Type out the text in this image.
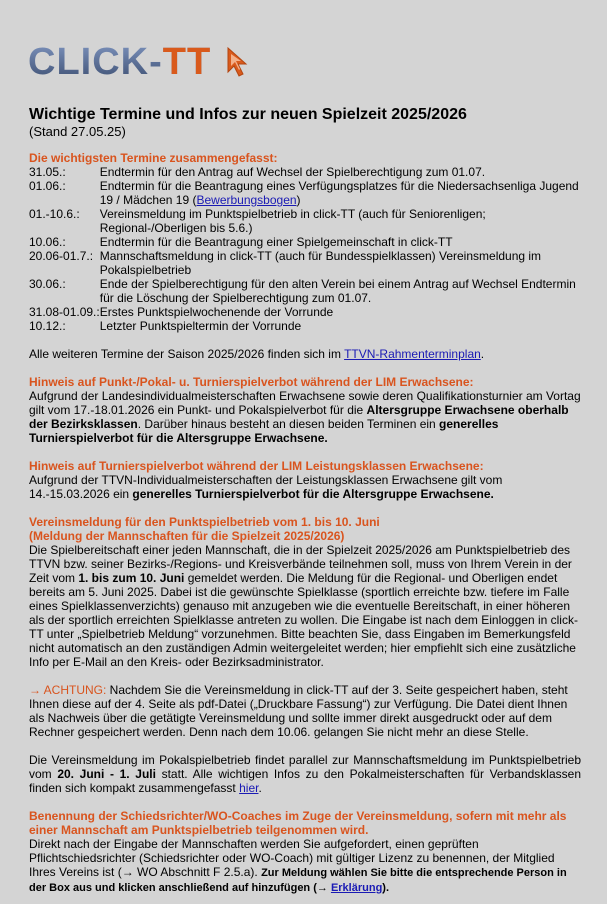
CLICK-TT
Wichtige Termine und Infos zur neuen Spielzeit 2025/2026

(Stand 27.05.25)

Die wichtigsten Termine zusammengefasst:

31.05.:	Endtermin für den Antrag auf Wechsel der Spielberechtigung zum 01.07.
01.06.:	Endtermin für die Beantragung eines Verfügungsplatzes für die Niedersachsenliga Jugend 19 / Mädchen 19 (Bewerbungsbogen)
01.-10.6.:	Vereinsmeldung im Punktspielbetrieb in click-TT (auch für Seniorenligen; Regional-/Oberligen bis 5.6.)
10.06.:	Endtermin für die Beantragung einer Spielgemeinschaft in click-TT
20.06-01.7.:	Mannschaftsmeldung in click-TT (auch für Bundesspielklassen) Vereinsmeldung im Pokalspielbetrieb
30.06.:	Ende der Spielberechtigung für den alten Verein bei einem Antrag auf Wechsel Endtermin für die Löschung der Spielberechtigung zum 01.07.
31.08-01.09.:	Erstes Punktspielwochenende der Vorrunde
10.12.:	Letzter Punktspieltermin der Vorrunde

Alle weiteren Termine der Saison 2025/2026 finden sich im TTVN-Rahmenterminplan.

Hinweis auf Punkt-/Pokal- u. Turnierspielverbot während der LIM Erwachsene:

Aufgrund der Landesindividualmeisterschaften Erwachsene sowie deren Qualifikationsturnier am Vortag gilt vom 17.-18.01.2026 ein Punkt- und Pokalspielverbot für die Altersgruppe Erwachsene oberhalb der Bezirksklassen. Darüber hinaus besteht an diesen beiden Terminen ein generelles Turnierspielverbot für die Altersgruppe Erwachsene.

Hinweis auf Turnierspielverbot während der LIM Leistungsklassen Erwachsene:

Aufgrund der TTVN-Individualmeisterschaften der Leistungsklassen Erwachsene gilt vom 14.-15.03.2026 ein generelles Turnierspielverbot für die Altersgruppe Erwachsene.

Vereinsmeldung für den Punktspielbetrieb vom 1. bis 10. Juni

(Meldung der Mannschaften für die Spielzeit 2025/2026)

Die Spielbereitschaft einer jeden Mannschaft, die in der Spielzeit 2025/2026 am Punktspielbetrieb des TTVN bzw. seiner Bezirks-/Regions- und Kreisverbände teilnehmen soll, muss von Ihrem Verein in der Zeit vom 1. bis zum 10. Juni gemeldet werden. Die Meldung für die Regional- und Oberligen endet bereits am 5. Juni 2025. Dabei ist die gewünschte Spielklasse (sportlich erreichte bzw. tiefere im Falle eines Spielklassenverzichts) genauso mit anzugeben wie die eventuelle Bereitschaft, in einer höheren als der sportlich erreichten Spielklasse antreten zu wollen. Die Eingabe ist nach dem Einloggen in click-TT unter „Spielbetrieb Meldung“ vorzunehmen. Bitte beachten Sie, dass Eingaben im Bemerkungsfeld nicht automatisch an den zuständigen Admin weitergeleitet werden; hier empfiehlt sich eine zusätzliche Info per E-Mail an den Kreis- oder Bezirksadministrator.

→ ACHTUNG: Nachdem Sie die Vereinsmeldung in click-TT auf der 3. Seite gespeichert haben, steht Ihnen diese auf der 4. Seite als pdf-Datei („Druckbare Fassung“) zur Verfügung. Die Datei dient Ihnen als Nachweis über die getätigte Vereinsmeldung und sollte immer direkt ausgedruckt oder auf dem Rechner gespeichert werden. Denn nach dem 10.06. gelangen Sie nicht mehr an diese Stelle.

Die Vereinsmeldung im Pokalspielbetrieb findet parallel zur Mannschaftsmeldung im Punktspielbetrieb vom 20. Juni - 1. Juli statt. Alle wichtigen Infos zu den Pokalmeisterschaften für Verbandsklassen finden sich kompakt zusammengefasst hier.

Benennung der Schiedsrichter/WO-Coaches im Zuge der Vereinsmeldung, sofern mit mehr als einer Mannschaft am Punktspielbetrieb teilgenommen wird.

Direkt nach der Eingabe der Mannschaften werden Sie aufgefordert, einen geprüften Pflichtschiedsrichter (Schiedsrichter oder WO-Coach) mit gültiger Lizenz zu benennen, der Mitglied Ihres Vereins ist (→ WO Abschnitt F 2.5.a). Zur Meldung wählen Sie bitte die entsprechende Person in der Box aus und klicken anschließend auf hinzufügen (→ Erklärung).
